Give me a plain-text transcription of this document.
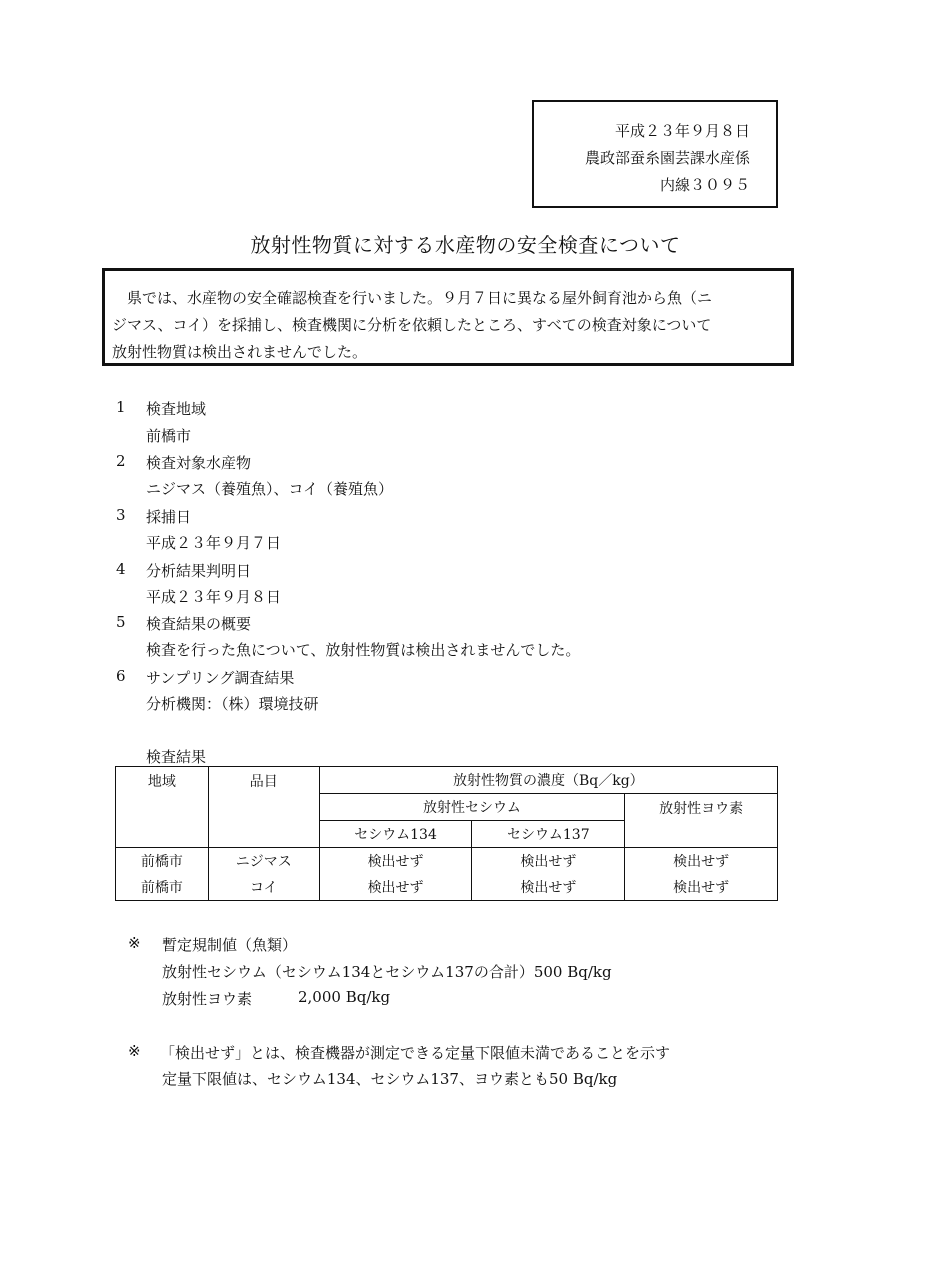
平成２３年９月８日
農政部蚕糸園芸課水産係
内線３０９５
放射性物質に対する水産物の安全検査について

県では、水産物の安全確認検査を行いました。９月７日に異なる屋外飼育池から魚（ニ

ジマス、コイ）を採捕し、検査機関に分析を依頼したところ、すべての検査対象について

放射性物質は検出されませんでした。

1 検査地域
前橋市
2 検査対象水産物
ニジマス（養殖魚）、コイ（養殖魚）
3 採捕日
平成２３年９月７日
4 分析結果判明日
平成２３年９月８日
5 検査結果の概要
検査を行った魚について、放射性物質は検出されませんでした。
6 サンプリング調査結果
分析機関：（株）環境技研
検査結果
地域	品目	放射性物質の濃度（Bq／kg）		
		放射性セシウム		放射性ヨウ素
		セシウム134	セシウム137	
前橋市	ニジマス	検出せず	検出せず	検出せず
前橋市	コイ	検出せず	検出せず	検出せず
※ 暫定規制値（魚類）
放射性セシウム（セシウム134とセシウム137の合計）500 Bq/kg
放射性ヨウ素	2,000 Bq/kg
※ 「検出せず」とは、検査機器が測定できる定量下限値未満であることを示す
定量下限値は、セシウム134、セシウム137、ヨウ素とも50 Bq/kg
